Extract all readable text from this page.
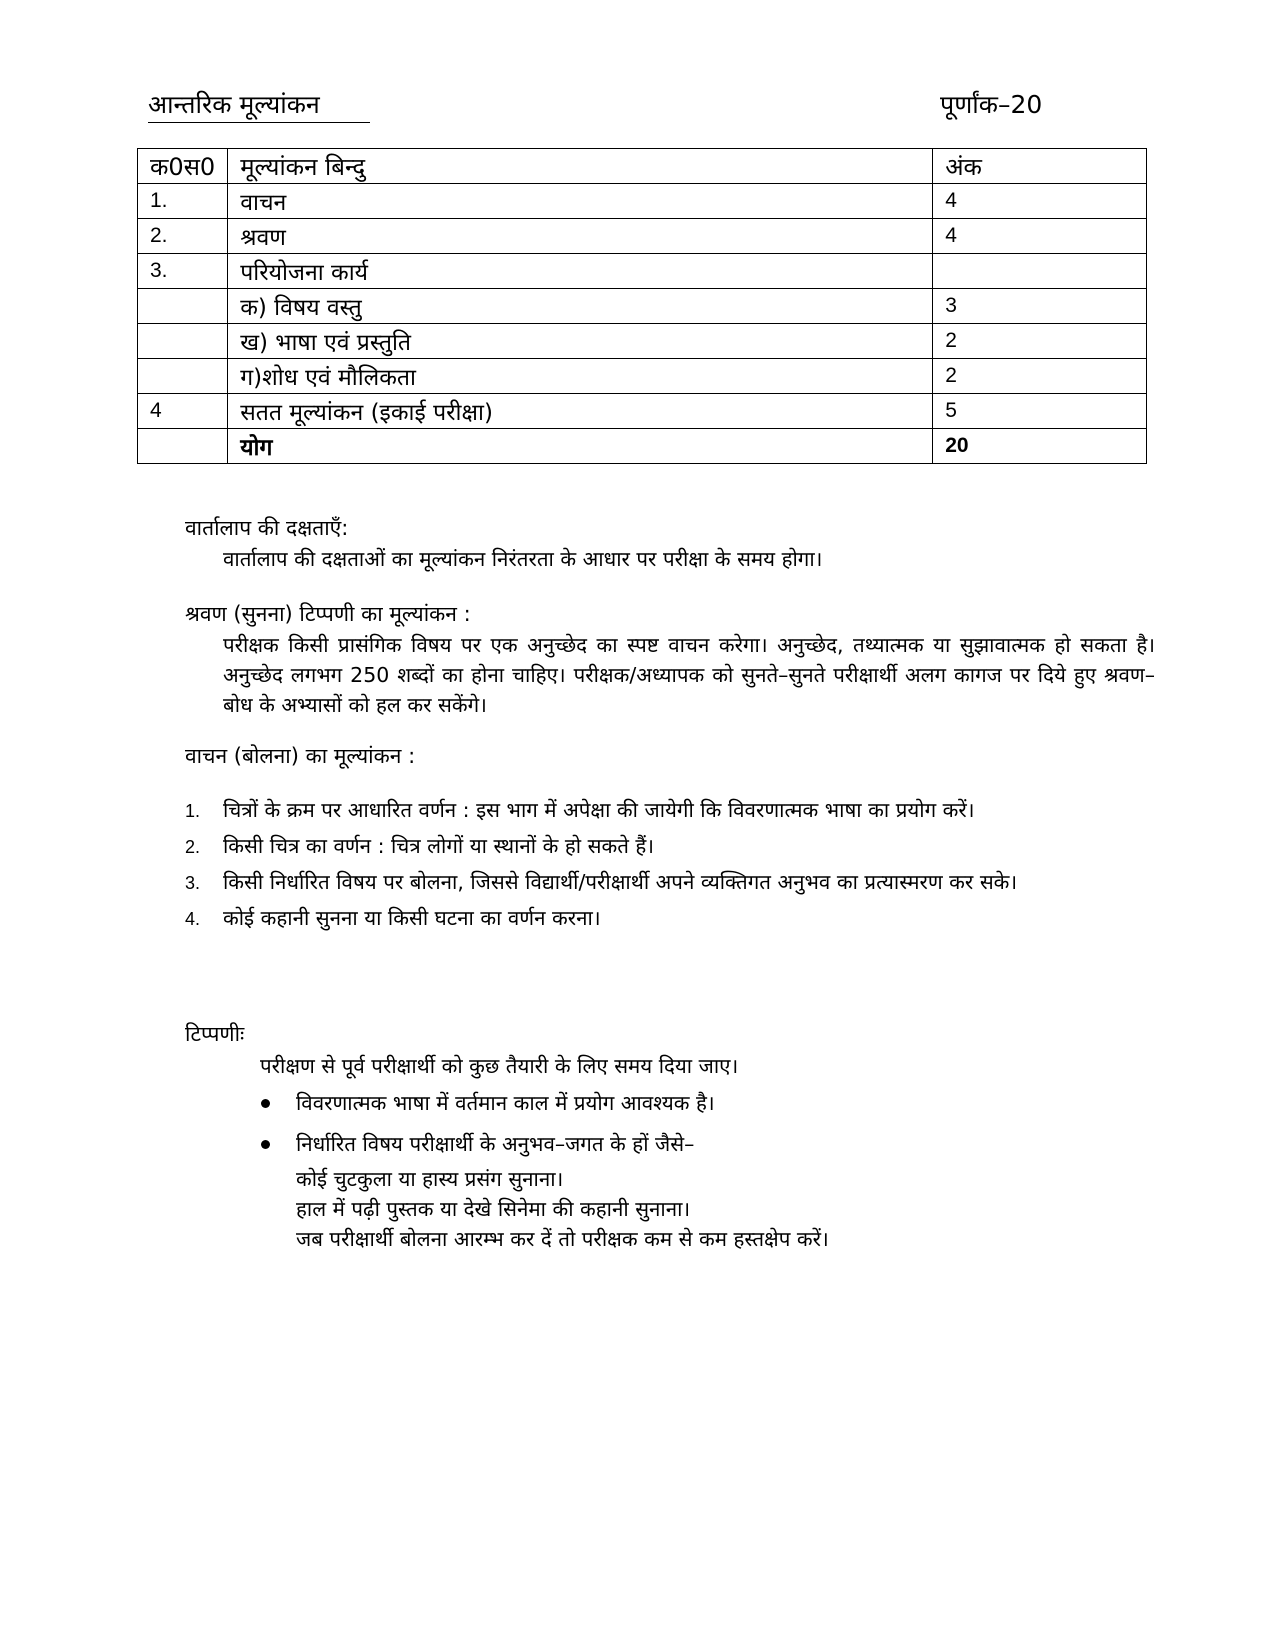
आन्तरिक मूल्यांकन	पूर्णांक–20
क0स0	मूल्यांकन बिन्दु	अंक
1.	वाचन	4
2.	श्रवण	4
3.	परियोजना कार्य	
	क) विषय वस्तु	3
	ख) भाषा एवं प्रस्तुति	2
	ग)शोध एवं मौलिकता	2
4	सतत मूल्यांकन (इकाई परीक्षा)	5
	योग	20
वार्तालाप की दक्षताएँ:
वार्तालाप की दक्षताओं का मूल्यांकन निरंतरता के आधार पर परीक्षा के समय होगा।
श्रवण (सुनना) टिप्पणी का मूल्यांकन :
परीक्षक किसी प्रासंगिक विषय पर एक अनुच्छेद का स्पष्ट वाचन करेगा। अनुच्छेद, तथ्यात्मक या सुझावात्मक हो सकता है। अनुच्छेद लगभग 250 शब्दों का होना चाहिए। परीक्षक/अध्यापक को सुनते–सुनते परीक्षार्थी अलग कागज पर दिये हुए श्रवण–बोध के अभ्यासों को हल कर सकेंगे।
वाचन (बोलना) का मूल्यांकन :
1. चित्रों के क्रम पर आधारित वर्णन : इस भाग में अपेक्षा की जायेगी कि विवरणात्मक भाषा का प्रयोग करें।
2. किसी चित्र का वर्णन : चित्र लोगों या स्थानों के हो सकते हैं।
3. किसी निर्धारित विषय पर बोलना, जिससे विद्यार्थी/परीक्षार्थी अपने व्यक्तिगत अनुभव का प्रत्यास्मरण कर सके।
4. कोई कहानी सुनना या किसी घटना का वर्णन करना।
टिप्पणीः
परीक्षण से पूर्व परीक्षार्थी को कुछ तैयारी के लिए समय दिया जाए।
विवरणात्मक भाषा में वर्तमान काल में प्रयोग आवश्यक है।
निर्धारित विषय परीक्षार्थी के अनुभव–जगत के हों जैसे–
कोई चुटकुला या हास्य प्रसंग सुनाना।
हाल में पढ़ी पुस्तक या देखे सिनेमा की कहानी सुनाना।
जब परीक्षार्थी बोलना आरम्भ कर दें तो परीक्षक कम से कम हस्तक्षेप करें।
